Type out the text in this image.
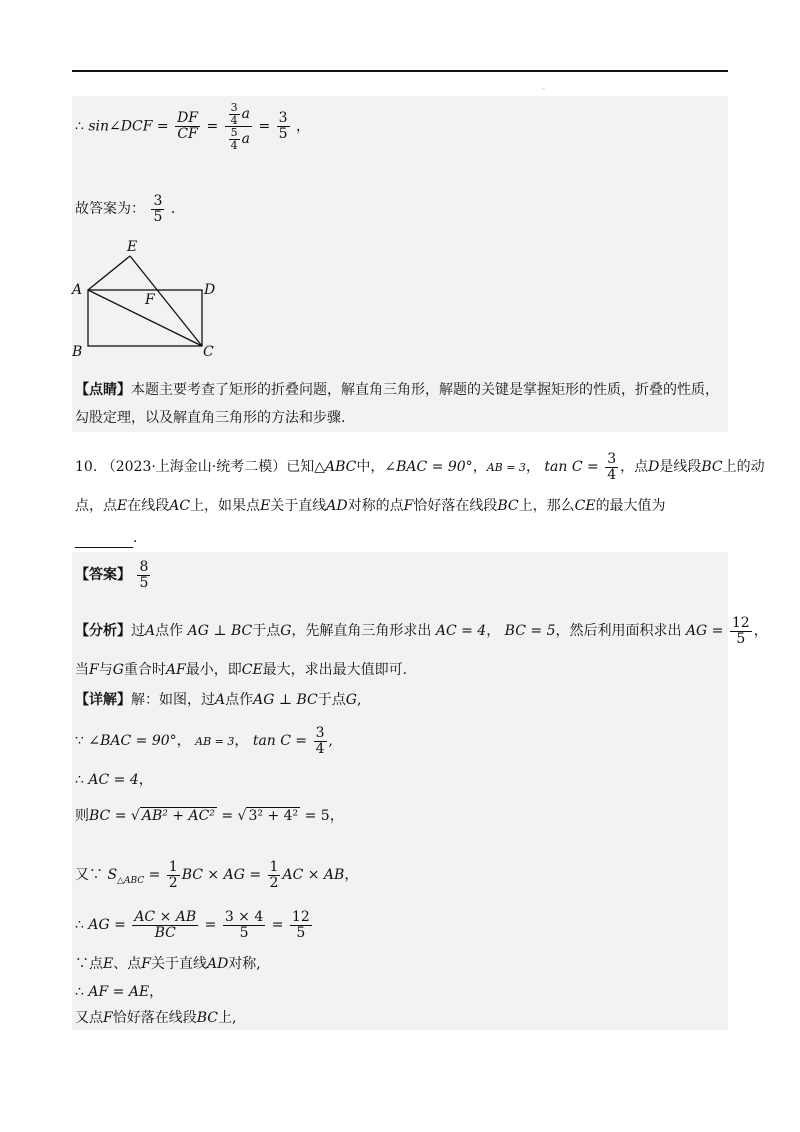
.
∴ sin∠DCF = $\frac{DF}{CF} = \frac{\frac{3}{4} a}{\frac{5}{4} a} = \frac{3}{5}$ ，
故答案为： $\frac{3}{5}$ ．
A
B	C
D
E
F
【点睛】本题主要考查了矩形的折叠问题，解直角三角形，解题的关键是掌握矩形的性质，折叠的性质，
勾股定理，以及解直角三角形的方法和步骤.
10. （2023·上海金山·统考二模）已知△ABC中，∠BAC = 90°，AB = 3， $\tan C = \frac{3}{4}$ ，点D是线段BC上的动
点，点E在线段AC上，如果点E关于直线AD对称的点F恰好落在线段BC上，那么CE的最大值为
.
【答案】 $\frac{8}{5}$
【分析】过A点作 AG ⊥ BC于点G，先解直角三角形求出 AC = 4， BC = 5，然后利用面积求出 AG = $\frac{12}{5}$ ，
当F与G重合时AF最小，即CE最大，求出最大值即可.
【详解】解：如图，过A点作AG ⊥ BC于点G,
∵ ∠BAC = 90°， AB = 3， $\tan C = \frac{3}{4}$ ,
∴ AC = 4，
则BC = √ AB² + AC² = √ 3² + 4² = 5，
又∵ $S_{\triangle ABC} = \frac{1}{2}$ BC × AG = $\frac{1}{2}$ AC × AB，
∴ AG = $\frac{AC \times AB}{BC} = \frac{3 \times 4}{5} = \frac{12}{5}$
∵点E、点F关于直线AD对称,
∴ AF = AE，
又点F恰好落在线段BC上,
